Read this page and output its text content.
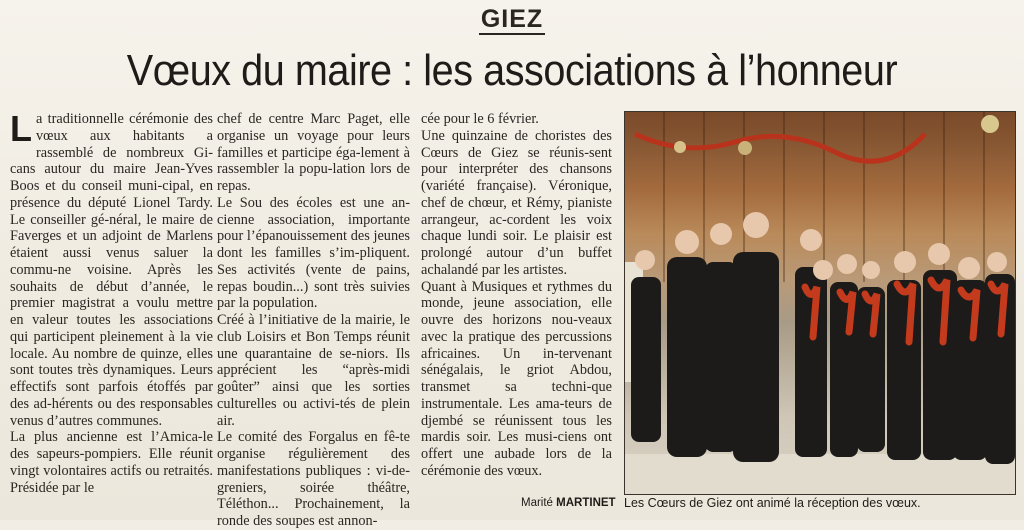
GIEZ
Vœux du maire : les associations à l’honneur

La traditionnelle cérémonie des vœux aux habitants a rassemblé de nombreux Gi-cans autour du maire Jean-Yves Boos et du conseil muni-cipal, en présence du député Lionel Tardy. Le conseiller gé-néral, le maire de Faverges et un adjoint de Marlens étaient aussi venus saluer la commu-ne voisine. Après les souhaits de début d’année, le premier magistrat a voulu mettre en valeur toutes les associations qui participent pleinement à la vie locale. Au nombre de quinze, elles sont toutes très dynamiques. Leurs effectifs sont parfois étoffés par des ad-hérents ou des responsables venus d’autres communes.

La plus ancienne est l’Amica-le des sapeurs-pompiers. Elle réunit vingt volontaires actifs ou retraités. Présidée par le

chef de centre Marc Paget, elle organise un voyage pour leurs familles et participe éga-lement à rassembler la popu-lation lors de repas.

Le Sou des écoles est une an-cienne association, importante pour l’épanouissement des jeunes dont les familles s’im-pliquent. Ses activités (vente de pains, repas boudin...) sont très suivies par la population.

Créé à l’initiative de la mairie, le club Loisirs et Bon Temps réunit une quarantaine de se-niors. Ils apprécient les “après-midi goûter” ainsi que les sorties culturelles ou activi-tés de plein air.

Le comité des Forgalus en fê-te organise régulièrement des manifestations publiques : vi-de-greniers, soirée théâtre, Téléthon... Prochainement, la ronde des soupes est annon-

cée pour le 6 février.

Une quinzaine de choristes des Cœurs de Giez se réunis-sent pour interpréter des chansons (variété française). Véronique, chef de chœur, et Rémy, pianiste arrangeur, ac-cordent les voix chaque lundi soir. Le plaisir est prolongé autour d’un buffet achalandé par les artistes.

Quant à Musiques et rythmes du monde, jeune association, elle ouvre des horizons nou-veaux avec la pratique des percussions africaines. Un in-tervenant sénégalais, le griot Abdou, transmet sa techni-que instrumentale. Les ama-teurs de djembé se réunissent tous les mardis soir. Les musi-ciens ont offert une aubade lors de la cérémonie des vœux.

Marité MARTINET Les Cœurs de Giez ont animé la réception des vœux.
